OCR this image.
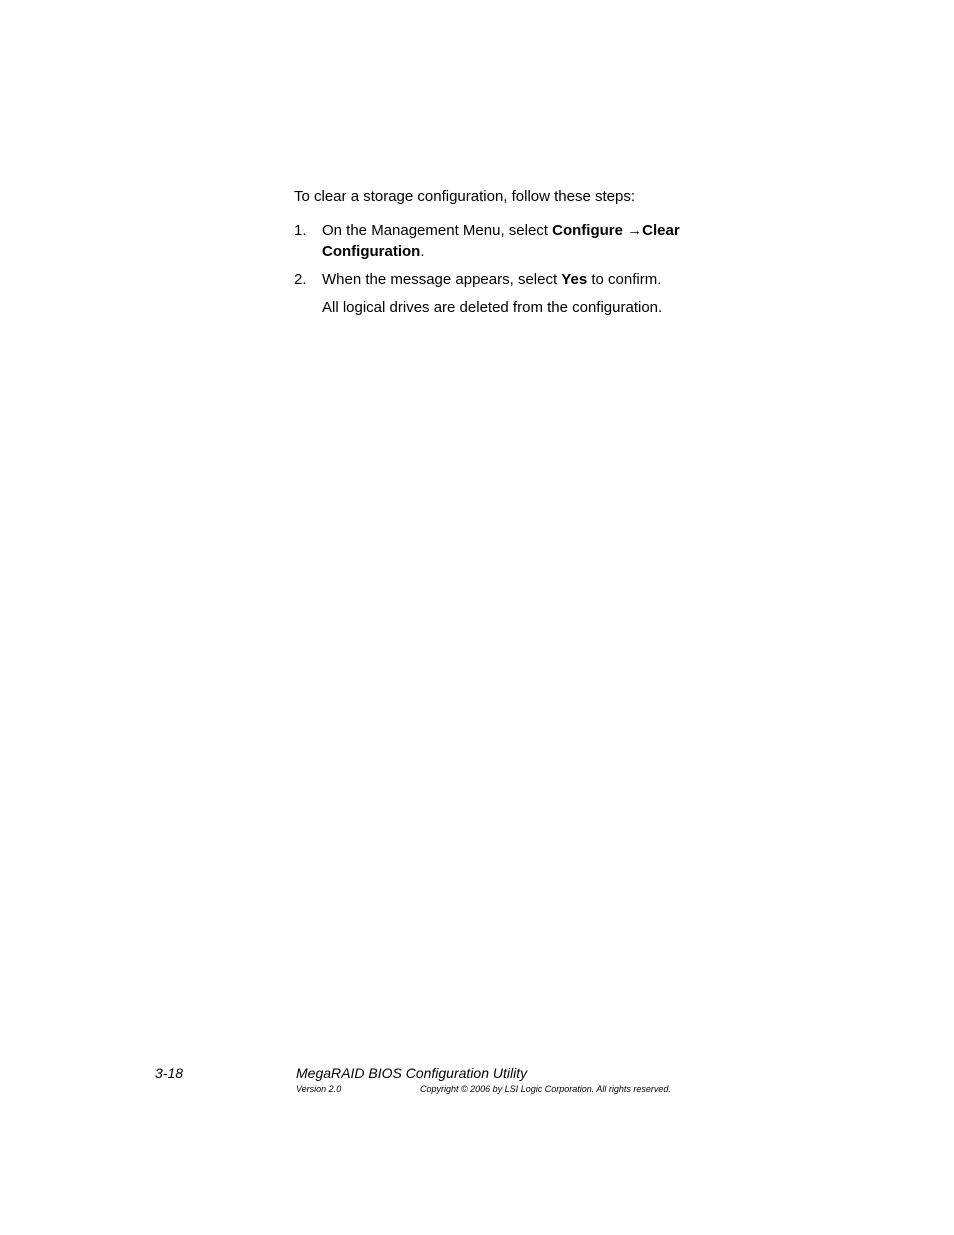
To clear a storage configuration, follow these steps:

1. On the Management Menu, select Configure →Clear Configuration.
2. When the message appears, select Yes to confirm.

All logical drives are deleted from the configuration.

3-18	MegaRAID BIOS Configuration Utility
Version 2.0	Copyright © 2006 by LSI Logic Corporation. All rights reserved.
